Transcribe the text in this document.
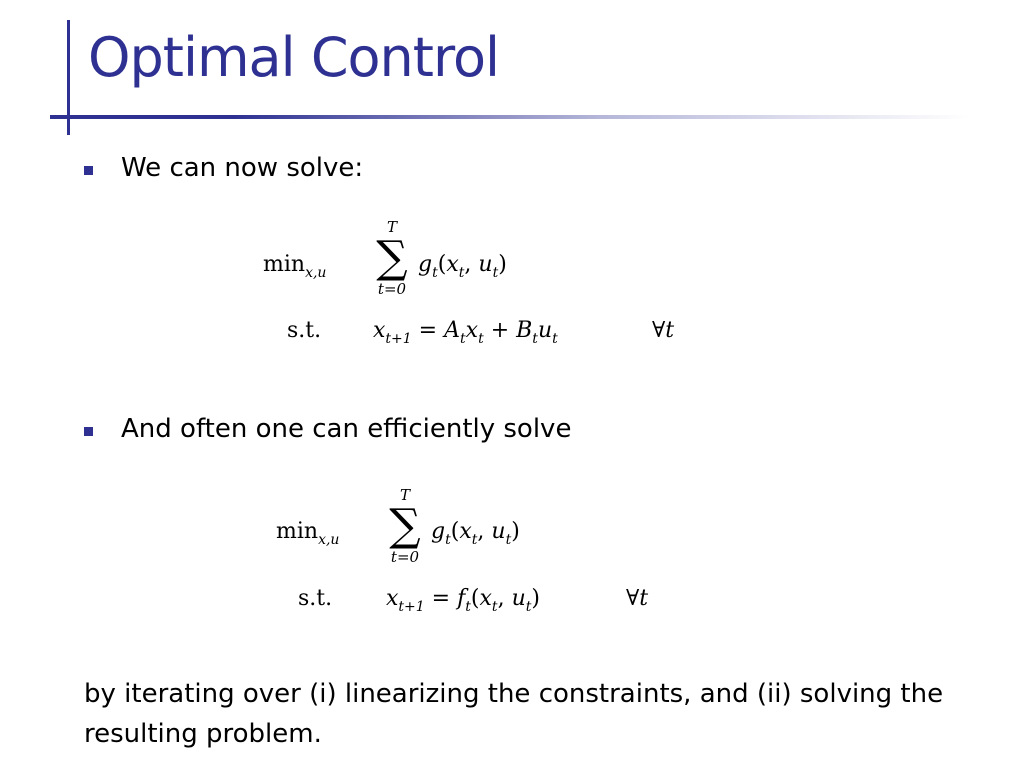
Optimal Control
We can now solve:
$\min_{x,u}$
T
∑
t=0
$g_t(x_t$, $u_t$)
s.t. $x_{t+1} = A_tx_t + B_tu_t$	∀t
And often one can efficiently solve
$\min_{x,u}$
T
∑
t=0
$g_t(x_t$, $u_t$)
s.t. $x_{t+1} = f_t(x_t$, $u_t$)	∀t
by iterating over (i) linearizing the constraints, and (ii) solving the resulting problem.
